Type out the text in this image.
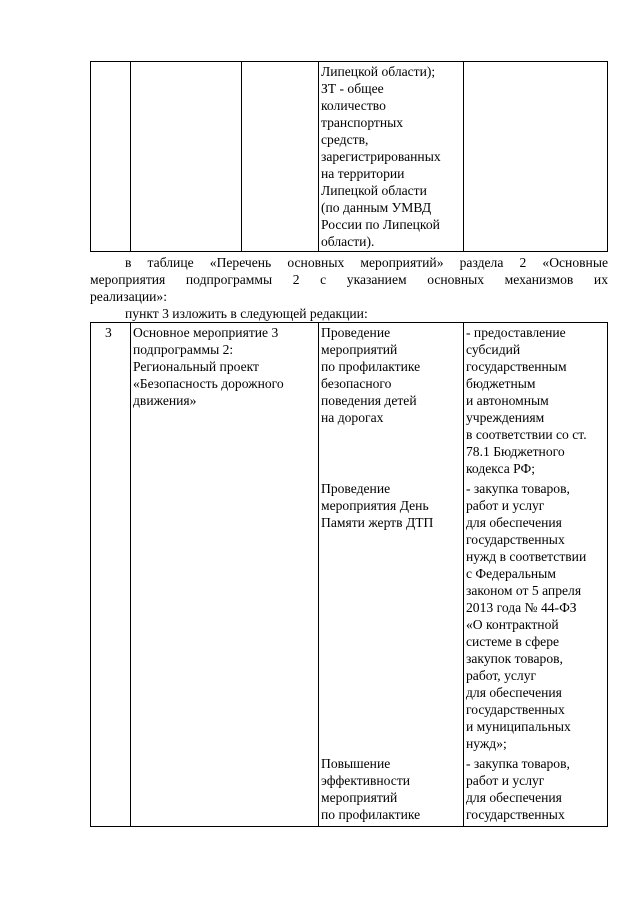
Липецкой области);
ЗТ - общее
количество
транспортных
средств,
зарегистрированных
на территории
Липецкой области
(по данным УМВД
России по Липецкой
области).
в таблице «Перечень основных мероприятий» раздела 2 «Основные
мероприятия подпрограммы 2 с указанием основных механизмов их
реализации»:
пункт 3 изложить в следующей редакции:
3 Основное мероприятие 3
подпрограммы 2:
Региональный проект
«Безопасность дорожного
движения»
Проведение
мероприятий
по профилактике
безопасного
поведения детей
на дорогах
- предоставление
субсидий
государственным
бюджетным
и автономным
учреждениям
в соответствии со ст.
78.1 Бюджетного
кодекса РФ;
Проведение
мероприятия День
Памяти жертв ДТП
- закупка товаров,
работ и услуг
для обеспечения
государственных
нужд в соответствии
с Федеральным
законом от 5 апреля
2013 года № 44-ФЗ
«О контрактной
системе в сфере
закупок товаров,
работ, услуг
для обеспечения
государственных
и муниципальных
нужд»;
Повышение
эффективности
мероприятий
по профилактике
- закупка товаров,
работ и услуг
для обеспечения
государственных
